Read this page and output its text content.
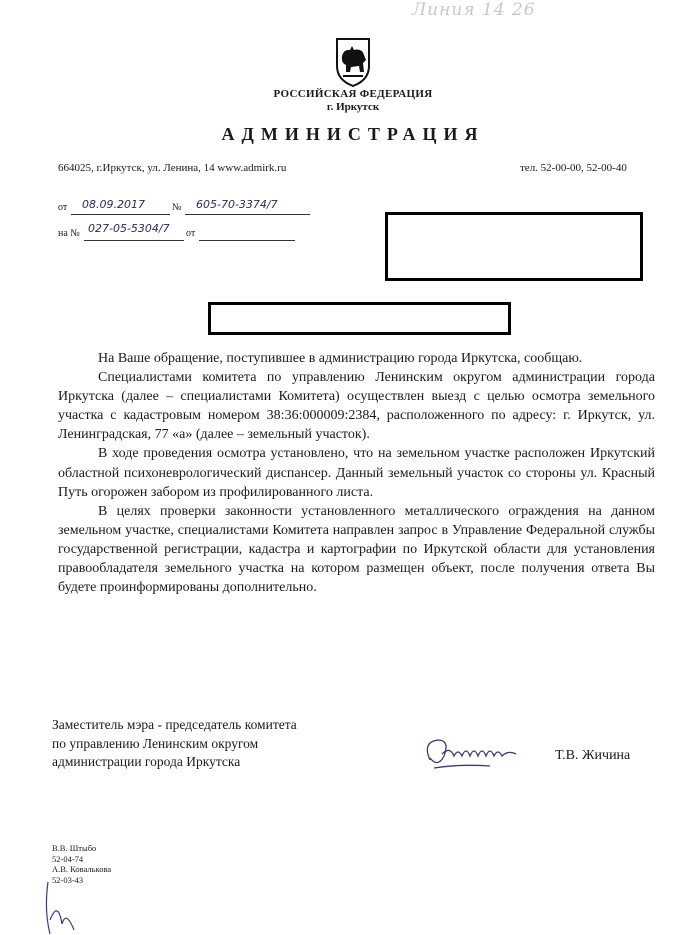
Линия 14 26
РОССИЙСКАЯ ФЕДЕРАЦИЯ
г. Иркутск
АДМИНИСТРАЦИЯ
664025, г.Иркутск, ул. Ленина, 14 www.admirk.ru	тел. 52-00-00, 52-00-40
от 08.09.2017	№ 605-70-3374/7
на № 027-05-5304/7 от

На Ваше обращение, поступившее в администрацию города Иркутска, сообщаю.

Специалистами комитета по управлению Ленинским округом администрации города Иркутска (далее – специалистами Комитета) осуществлен выезд с целью осмотра земельного участка с кадастровым номером 38:36:000009:2384, расположенного по адресу: г. Иркутск, ул. Ленинградская, 77 «а» (далее – земельный участок).

В ходе проведения осмотра установлено, что на земельном участке расположен Иркутский областной психоневрологический диспансер. Данный земельный участок со стороны ул. Красный Путь огорожен забором из профилированного листа.

В целях проверки законности установленного металлического ограждения на данном земельном участке, специалистами Комитета направлен запрос в Управление Федеральной службы государственной регистрации, кадастра и картографии по Иркутской области для установления правообладателя земельного участка на котором размещен объект, после получения ответа Вы будете проинформированы дополнительно.

Заместитель мэра - председатель комитета
по управлению Ленинским округом
администрации города Иркутска	Т.В. Жичина
В.В. Штыбо
52-04-74
А.В. Ковалькова
52-03-43
